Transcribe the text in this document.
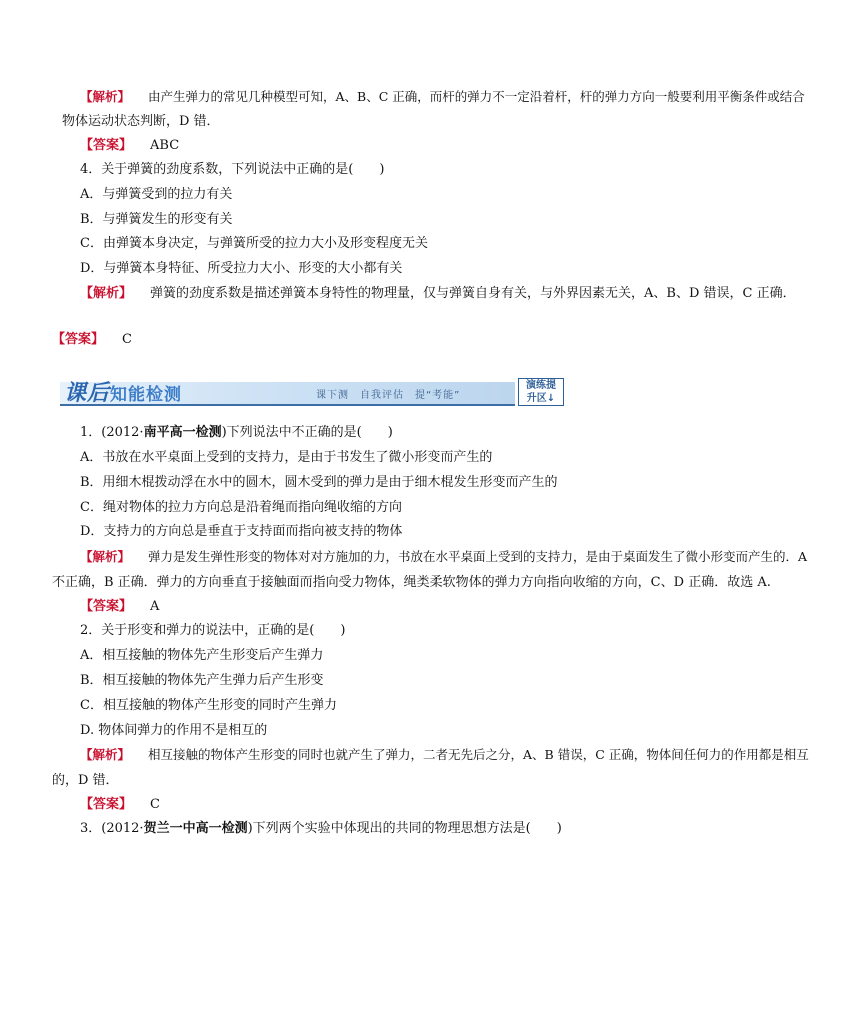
【解析】 由产生弹力的常见几种模型可知，A、B、C 正确，而杆的弹力不一定沿着杆，杆的弹力方向一般要利用平衡条件或结合
物体运动状态判断，D 错．
【答案】 ABC
4．关于弹簧的劲度系数，下列说法中正确的是(　　)
A．与弹簧受到的拉力有关
B．与弹簧发生的形变有关
C．由弹簧本身决定，与弹簧所受的拉力大小及形变程度无关
D．与弹簧本身特征、所受拉力大小、形变的大小都有关
【解析】 弹簧的劲度系数是描述弹簧本身特性的物理量，仅与弹簧自身有关，与外界因素无关，A、B、D 错误，C 正确．
【答案】 C
课后知能检测	课下测　自我评估　提“考能”
演练提
升区↓
1．(2012·南平高一检测)下列说法中不正确的是(　　)
A．书放在水平桌面上受到的支持力，是由于书发生了微小形变而产生的
B．用细木棍拨动浮在水中的圆木，圆木受到的弹力是由于细木棍发生形变而产生的
C．绳对物体的拉力方向总是沿着绳而指向绳收缩的方向
D．支持力的方向总是垂直于支持面而指向被支持的物体
【解析】 弹力是发生弹性形变的物体对对方施加的力，书放在水平桌面上受到的支持力，是由于桌面发生了微小形变而产生的．A
不正确，B 正确．弹力的方向垂直于接触面而指向受力物体，绳类柔软物体的弹力方向指向收缩的方向，C、D 正确．故选 A.
【答案】 A
2．关于形变和弹力的说法中，正确的是(　　)
A．相互接触的物体先产生形变后产生弹力
B．相互接触的物体先产生弹力后产生形变
C．相互接触的物体产生形变的同时产生弹力
D. 物体间弹力的作用不是相互的
【解析】 相互接触的物体产生形变的同时也就产生了弹力，二者无先后之分，A、B 错误，C 正确，物体间任何力的作用都是相互
的，D 错．
【答案】 C
3．(2012·贺兰一中高一检测)下列两个实验中体现出的共同的物理思想方法是(　　)
